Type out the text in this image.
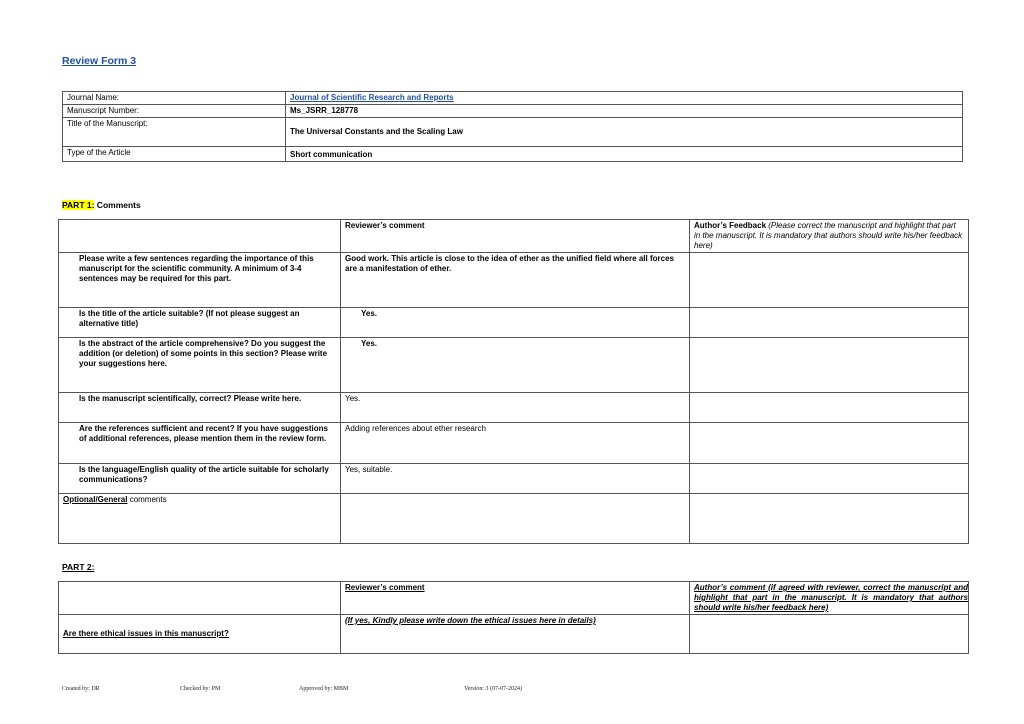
Review Form 3
Journal Name:	Journal of Scientific Research and Reports
Manuscript Number:	Ms_JSRR_128778
Title of the Manuscript:	The Universal Constants and the Scaling Law
Type of the Article	Short communication
PART 1: Comments
	Reviewer’s comment	Author’s Feedback (Please correct the manuscript and highlight that part in the manuscript. It is mandatory that authors should write his/her feedback here)
Please write a few sentences regarding the importance of this manuscript for the scientific community. A minimum of 3-4 sentences may be required for this part.	Good work. This article is close to the idea of ether as the unified field where all forces are a manifestation of ether.	
Is the title of the article suitable? (If not please suggest an alternative title)	Yes.	
Is the abstract of the article comprehensive? Do you suggest the addition (or deletion) of some points in this section? Please write your suggestions here.	Yes.	
Is the manuscript scientifically, correct? Please write here.	Yes.	
Are the references sufficient and recent? If you have suggestions of additional references, please mention them in the review form.	Adding references about ether research	
Is the language/English quality of the article suitable for scholarly communications?	Yes, suitable.	
Optional/General comments		
PART 2:
	Reviewer’s comment	Author’s comment (if agreed with reviewer, correct the manuscript and highlight that part in the manuscript. It is mandatory that authors should write his/her feedback here)
Are there ethical issues in this manuscript?	(If yes, Kindly please write down the ethical issues here in details)	
Created by: DR	Checked by: PM	Approved by: MBM	Version: 3 (07-07-2024)
